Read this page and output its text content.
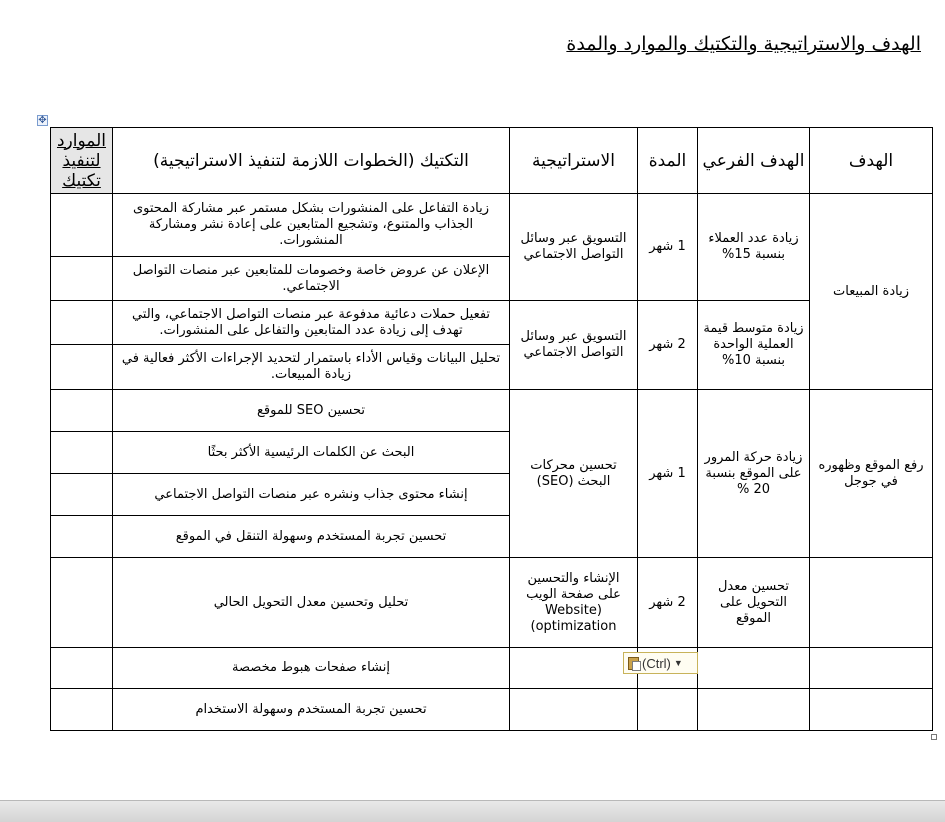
الهدف والاستراتيجية والتكتيك والموارد والمدة
✥
الهدف	الهدف الفرعي	المدة	الاستراتيجية	التكتيك (الخطوات اللازمة لتنفيذ الاستراتيجية)	الموارد لتنفيذ تكتيك
زيادة المبيعات	زيادة عدد العملاء بنسبة 15%	1 شهر	التسويق عبر وسائل التواصل الاجتماعي	زيادة التفاعل على المنشورات بشكل مستمر عبر مشاركة المحتوى الجذاب والمتنوع، وتشجيع المتابعين على إعادة نشر ومشاركة المنشورات.	
				الإعلان عن عروض خاصة وخصومات للمتابعين عبر منصات التواصل الاجتماعي.	
	زيادة متوسط قيمة العملية الواحدة بنسبة 10%	2 شهر	التسويق عبر وسائل التواصل الاجتماعي	تفعيل حملات دعائية مدفوعة عبر منصات التواصل الاجتماعي، والتي تهدف إلى زيادة عدد المتابعين والتفاعل على المنشورات.	
				تحليل البيانات وقياس الأداء باستمرار لتحديد الإجراءات الأكثر فعالية في زيادة المبيعات.	
رفع الموقع وظهوره في جوجل	زيادة حركة المرور على الموقع بنسبة 20 %	1 شهر	تحسين محركات البحث (SEO)	تحسين SEO للموقع	
				البحث عن الكلمات الرئيسية الأكثر بحثًا	
				إنشاء محتوى جذاب ونشره عبر منصات التواصل الاجتماعي	
				تحسين تجربة المستخدم وسهولة التنقل في الموقع	
	تحسين معدل التحويل على الموقع	2 شهر	الإنشاء والتحسين على صفحة الويب (Website optimization)	تحليل وتحسين معدل التحويل الحالي	
				إنشاء صفحات هبوط مخصصة	
				تحسين تجربة المستخدم وسهولة الاستخدام	
(Ctrl) ▼
